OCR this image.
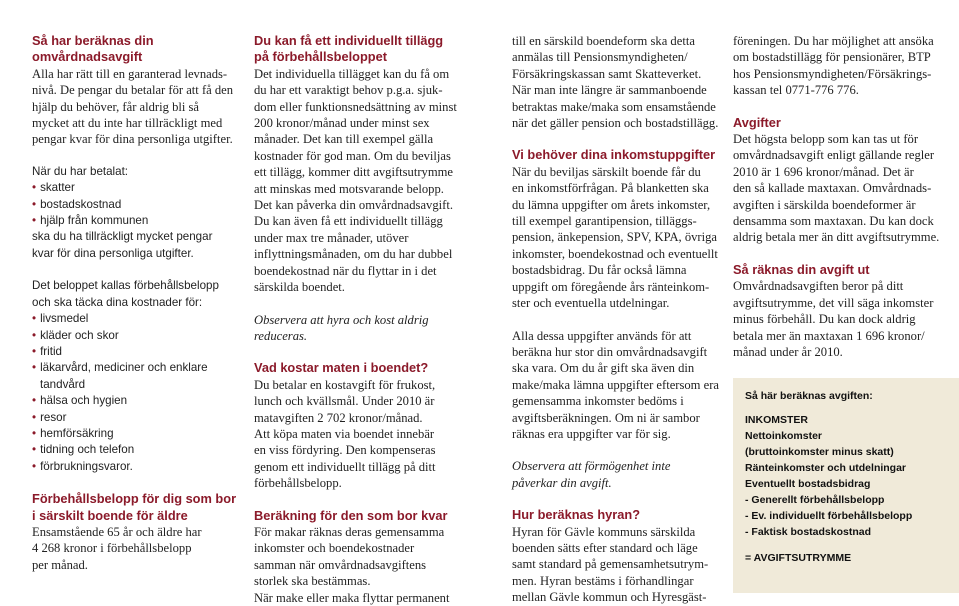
Så har beräknas din
omvårdnadsavgift
Alla har rätt till en garanterad levnads-
nivå. De pengar du betalar för att få den
hjälp du behöver, får aldrig bli så
mycket att du inte har tillräckligt med
pengar kvar för dina personliga utgifter.
När du har betalat:
• skatter
• bostadskostnad
• hjälp från kommunen
ska du ha tillräckligt mycket pengar
kvar för dina personliga utgifter.
Det beloppet kallas förbehållsbelopp
och ska täcka dina kostnader för:
• livsmedel
• kläder och skor
• fritid
• läkarvård, mediciner och enklare
tandvård
• hälsa och hygien
• resor
• hemförsäkring
• tidning och telefon
• förbrukningsvaror.
Förbehållsbelopp för dig som bor
i särskilt boende för äldre
Ensamstående 65 år och äldre har
4 268 kronor i förbehållsbelopp
per månad.
Du kan få ett individuellt tillägg
på förbehållsbeloppet
Det individuella tillägget kan du få om
du har ett varaktigt behov p.g.a. sjuk-
dom eller funktionsnedsättning av minst
200 kronor/månad under minst sex
månader. Det kan till exempel gälla
kostnader för god man. Om du beviljas
ett tillägg, kommer ditt avgiftsutrymme
att minskas med motsvarande belopp.
Det kan påverka din omvårdnadsavgift.
Du kan även få ett individuellt tillägg
under max tre månader, utöver
inflyttningsmånaden, om du har dubbel
boendekostnad när du flyttar in i det
särskilda boendet.
Observera att hyra och kost aldrig
reduceras.
Vad kostar maten i boendet?
Du betalar en kostavgift för frukost,
lunch och kvällsmål. Under 2010 är
matavgiften 2 702 kronor/månad.
Att köpa maten via boendet innebär
en viss fördyring. Den kompenseras
genom ett individuellt tillägg på ditt
förbehållsbelopp.
Beräkning för den som bor kvar
För makar räknas deras gemensamma
inkomster och boendekostnader
samman när omvårdnadsavgiftens
storlek ska bestämmas.
När make eller maka flyttar permanent
till en särskild boendeform ska detta
anmälas till Pensionsmyndigheten/
Försäkringskassan samt Skatteverket.
När man inte längre är sammanboende
betraktas make/maka som ensamstående
när det gäller pension och bostadstillägg.
Vi behöver dina inkomstuppgifter
När du beviljas särskilt boende får du
en inkomstförfrågan. På blanketten ska
du lämna uppgifter om årets inkomster,
till exempel garantipension, tilläggs-
pension, änkepension, SPV, KPA, övriga
inkomster, boendekostnad och eventuellt
bostadsbidrag. Du får också lämna
uppgift om föregående års räntеinkom-
ster och eventuella utdelningar.
Alla dessa uppgifter används för att
beräkna hur stor din omvårdnadsavgift
ska vara. Om du år gift ska även din
make/maka lämna uppgifter eftersom era
gemensamma inkomster bedöms i
avgiftsberäkningen. Om ni är sambor
räknas era uppgifter var för sig.
Observera att förmögenhet inte
påverkar din avgift.
Hur beräknas hyran?
Hyran för Gävle kommuns särskilda
boenden sätts efter standard och läge
samt standard på gemensamhetsutrym-
men. Hyran bestäms i förhandlingar
mellan Gävle kommun och Hyresgäst-
föreningen. Du har möjlighet att ansöka
om bostadstillägg för pensionärer, BTP
hos Pensionsmyndigheten/Försäkrings-
kassan tel 0771-776 776.
Avgifter
Det högsta belopp som kan tas ut för
omvårdnadsavgift enligt gällande regler
2010 är 1 696 kronor/månad. Det är
den så kallade maxtaxan. Omvårdnads-
avgiften i särskilda boendeformer är
densamma som maxtaxan. Du kan dock
aldrig betala mer än ditt avgiftsutrymme.
Så räknas din avgift ut
Omvårdnadsavgiften beror på ditt
avgiftsutrymme, det vill säga inkomster
minus förbehåll. Du kan dock aldrig
betala mer än maxtaxan 1 696 kronor/
månad under år 2010.
Så här beräknas avgiften:
INKOMSTER
Nettoinkomster
(bruttoinkomster minus skatt)
Ränteinkomster och utdelningar
Eventuellt bostadsbidrag
- Generellt förbehållsbelopp
- Ev. individuellt förbehållsbelopp
- Faktisk bostadskostnad
= AVGIFTSUTRYMME
